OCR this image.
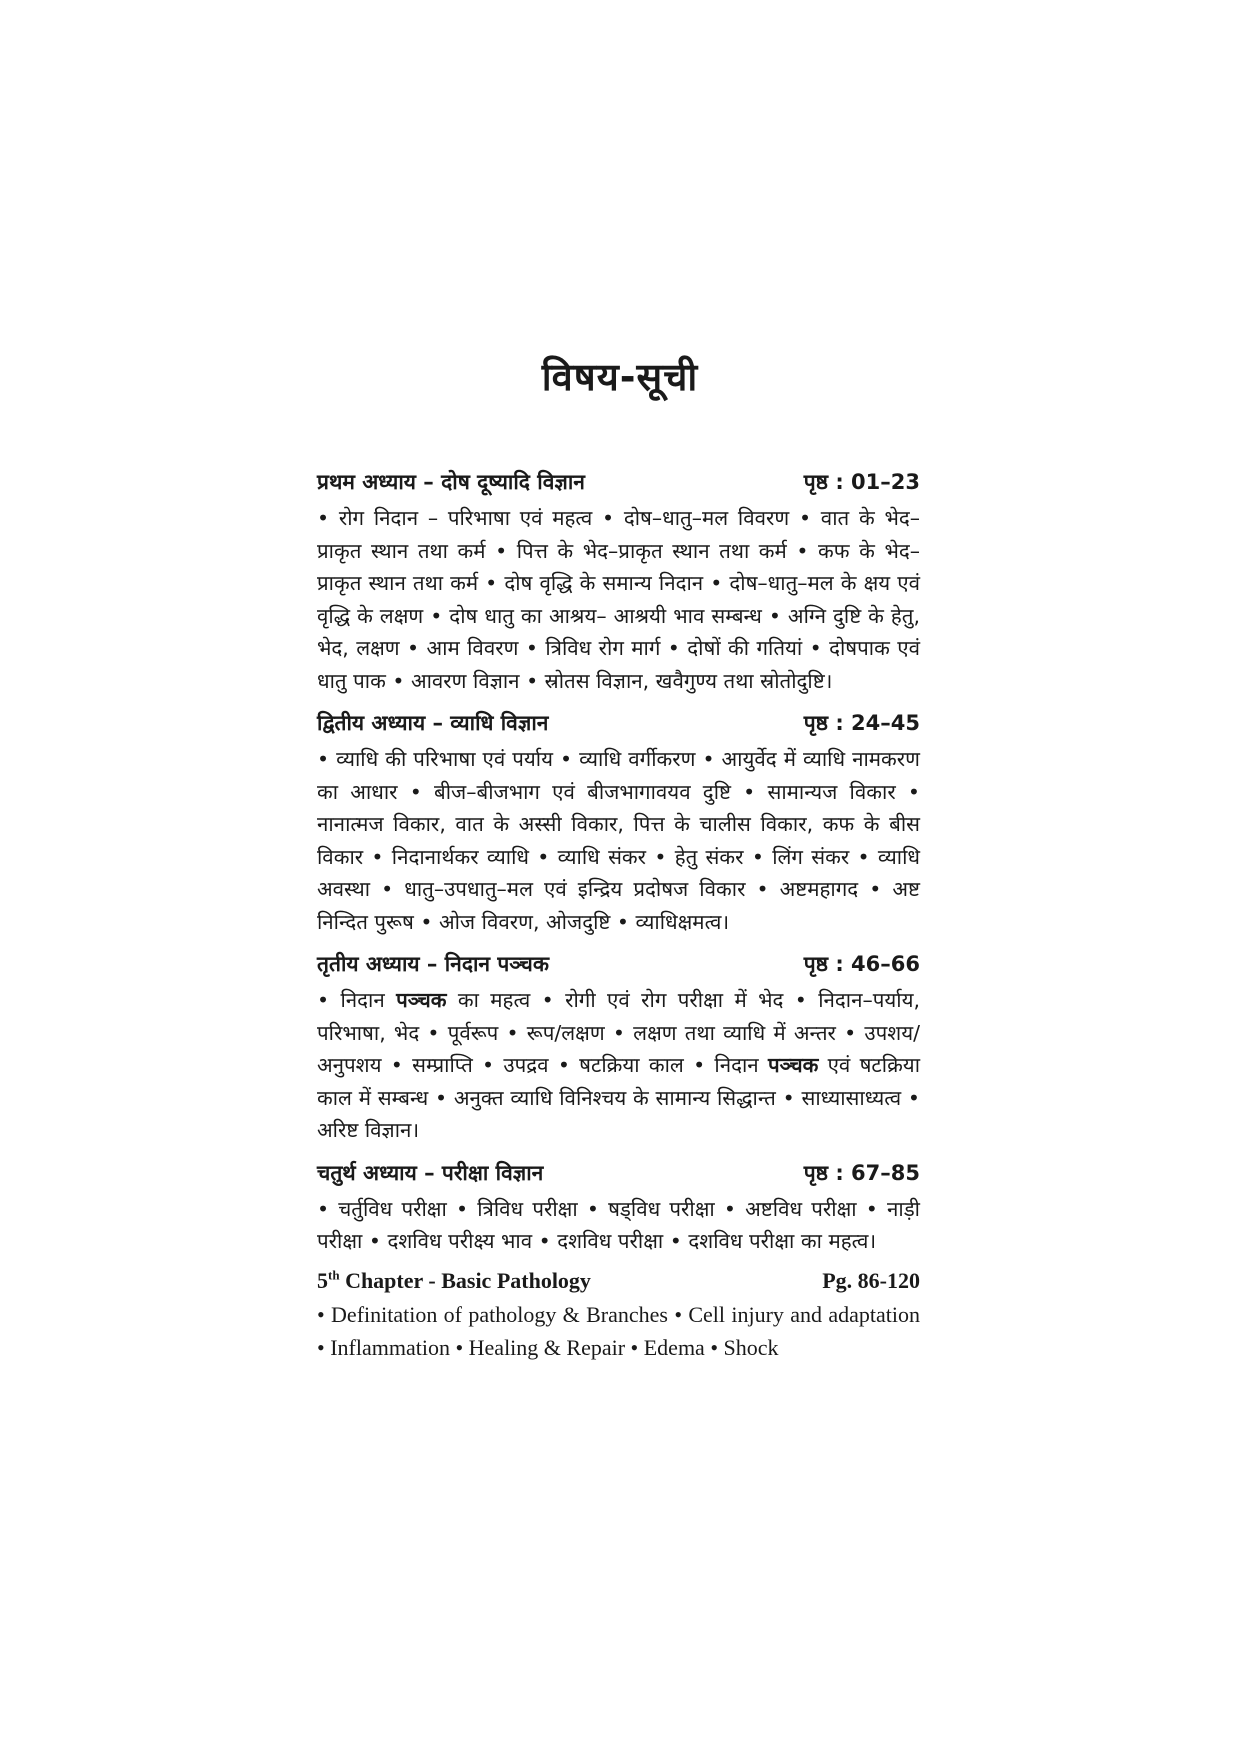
विषय-सूची
प्रथम अध्याय – दोष दूष्यादि विज्ञान	पृष्ठ : 01–23

• रोग निदान – परिभाषा एवं महत्व • दोष–धातु–मल विवरण • वात के भेद–प्राकृत स्थान तथा कर्म • पित्त के भेद–प्राकृत स्थान तथा कर्म • कफ के भेद–प्राकृत स्थान तथा कर्म • दोष वृद्धि के समान्य निदान • दोष–धातु–मल के क्षय एवं वृद्धि के लक्षण • दोष धातु का आश्रय– आश्रयी भाव सम्बन्ध • अग्नि दुष्टि के हेतु, भेद, लक्षण • आम विवरण • त्रिविध रोग मार्ग • दोषों की गतियां • दोषपाक एवं धातु पाक • आवरण विज्ञान • स्रोतस विज्ञान, खवैगुण्य तथा स्रोतोदुष्टि।

द्वितीय अध्याय – व्याधि विज्ञान	पृष्ठ : 24–45

• व्याधि की परिभाषा एवं पर्याय • व्याधि वर्गीकरण • आयुर्वेद में व्याधि नामकरण का आधार • बीज–बीजभाग एवं बीजभागावयव दुष्टि • सामान्यज विकार • नानात्मज विकार, वात के अस्सी विकार, पित्त के चालीस विकार, कफ के बीस विकार • निदानार्थकर व्याधि • व्याधि संकर • हेतु संकर • लिंग संकर • व्याधि अवस्था • धातु–उपधातु–मल एवं इन्द्रिय प्रदोषज विकार • अष्टमहागद • अष्ट निन्दित पुरूष • ओज विवरण, ओजदुष्टि • व्याधिक्षमत्व।

तृतीय अध्याय – निदान पञ्चक	पृष्ठ : 46–66

• निदान पञ्चक का महत्व • रोगी एवं रोग परीक्षा में भेद • निदान–पर्याय, परिभाषा, भेद • पूर्वरूप • रूप/लक्षण • लक्षण तथा व्याधि में अन्तर • उपशय/अनुपशय • सम्प्राप्ति • उपद्रव • षटक्रिया काल • निदान पञ्चक एवं षटक्रिया काल में सम्बन्ध • अनुक्त व्याधि विनिश्चय के सामान्य सिद्धान्त • साध्यासाध्यत्व • अरिष्ट विज्ञान।

चतुर्थ अध्याय – परीक्षा विज्ञान	पृष्ठ : 67–85

• चर्तुविध परीक्षा • त्रिविध परीक्षा • षड्विध परीक्षा • अष्टविध परीक्षा • नाड़ी परीक्षा • दशविध परीक्ष्य भाव • दशविध परीक्षा • दशविध परीक्षा का महत्व।

5th Chapter - Basic Pathology	Pg. 86-120

• Definitation of pathology & Branches • Cell injury and adaptation • Inflammation • Healing & Repair • Edema • Shock
